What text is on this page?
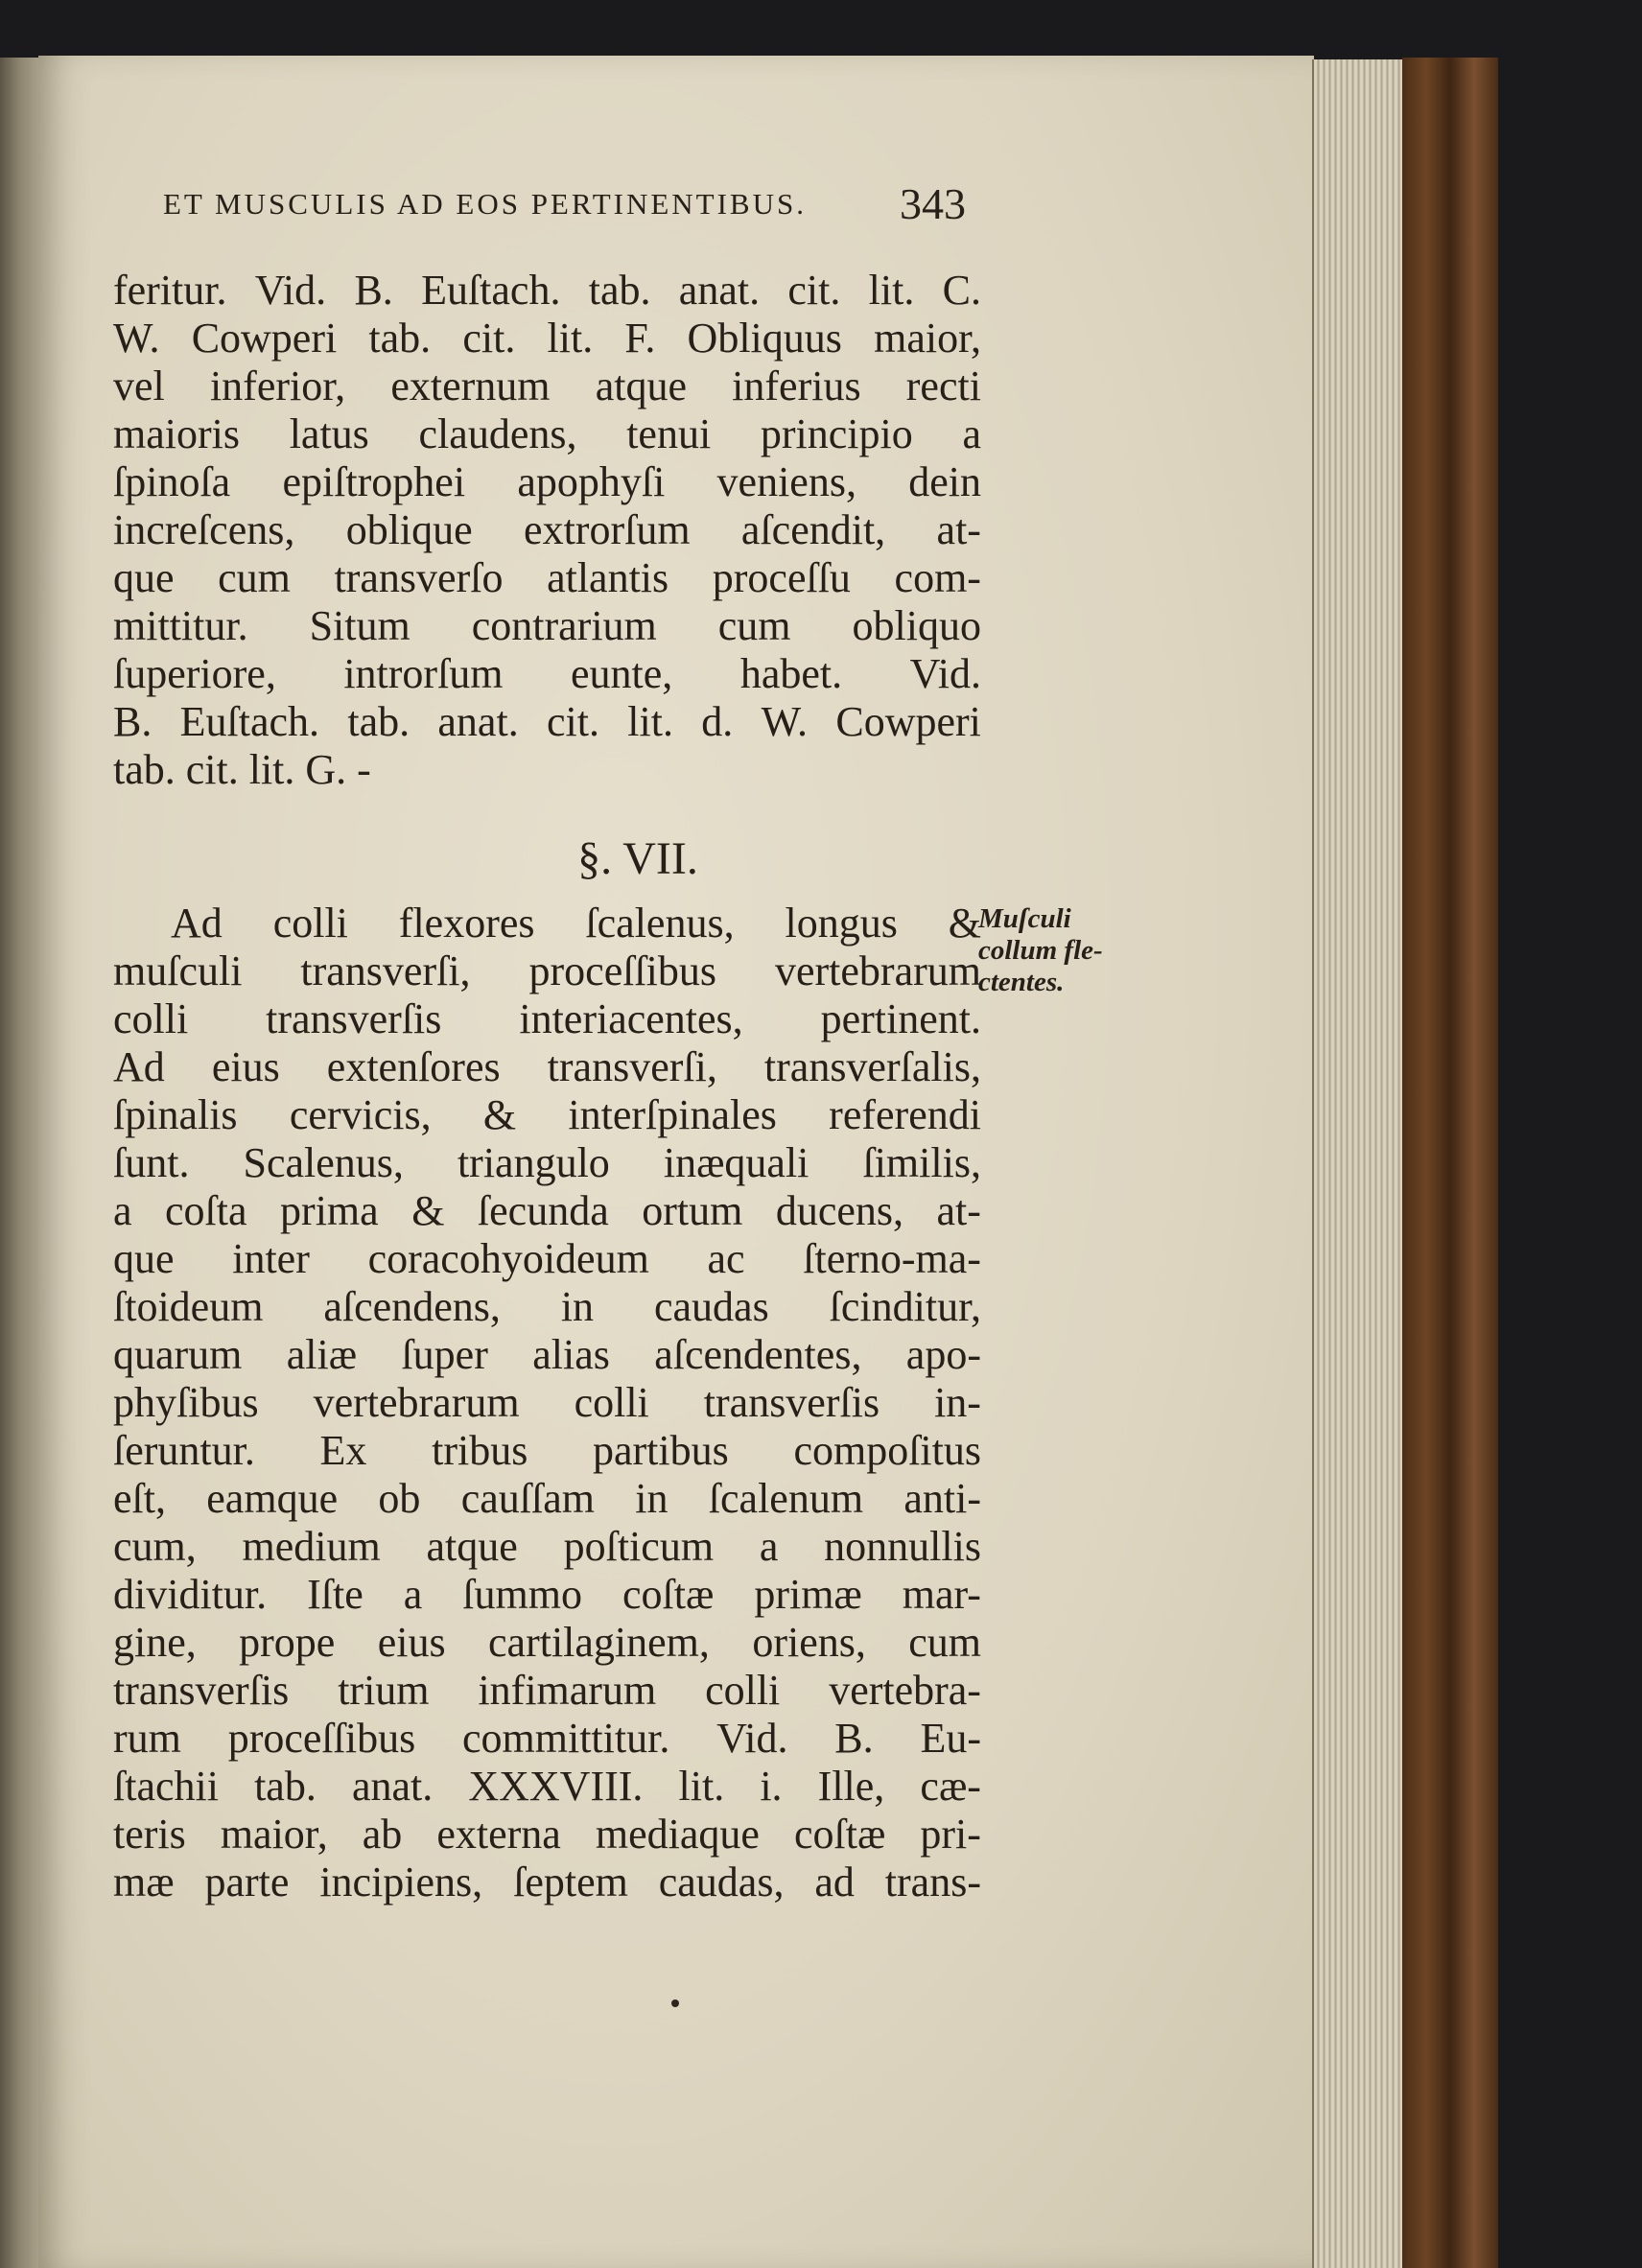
ET MUSCULIS AD EOS PERTINENTIBUS. 343
feritur. Vid. B. Euſtach. tab. anat. cit. lit. C.
W. Cowperi tab. cit. lit. F. Obliquus maior,
vel inferior, externum atque inferius recti
maioris latus claudens, tenui principio a
ſpinoſa epiſtrophei apophyſi veniens, dein
increſcens, oblique extrorſum aſcendit, at-
que cum transverſo atlantis proceſſu com-
mittitur. Situm contrarium cum obliquo
ſuperiore, introrſum eunte, habet. Vid.
B. Euſtach. tab. anat. cit. lit. d. W. Cowperi
tab. cit. lit. G. -
§. VII.
Ad colli flexores ſcalenus, longus &
muſculi transverſi, proceſſibus vertebrarum
colli transverſis interiacentes, pertinent.
Ad eius extenſores transverſi, transverſalis,
ſpinalis cervicis, & interſpinales referendi
ſunt. Scalenus, triangulo inæquali ſimilis,
a coſta prima & ſecunda ortum ducens, at-
que inter coracohyoideum ac ſterno-ma-
ſtoideum aſcendens, in caudas ſcinditur,
quarum aliæ ſuper alias aſcendentes, apo-
phyſibus vertebrarum colli transverſis in-
ſeruntur. Ex tribus partibus compoſitus
eſt, eamque ob cauſſam in ſcalenum anti-
cum, medium atque poſticum a nonnullis
dividitur. Iſte a ſummo coſtæ primæ mar-
gine, prope eius cartilaginem, oriens, cum
transverſis trium infimarum colli vertebra-
rum proceſſibus committitur. Vid. B. Eu-
ſtachii tab. anat. XXXVIII. lit. i. Ille, cæ-
teris maior, ab externa mediaque coſtæ pri-
mæ parte incipiens, ſeptem caudas, ad trans-
Muſculi
collum fle-
ctentes.
